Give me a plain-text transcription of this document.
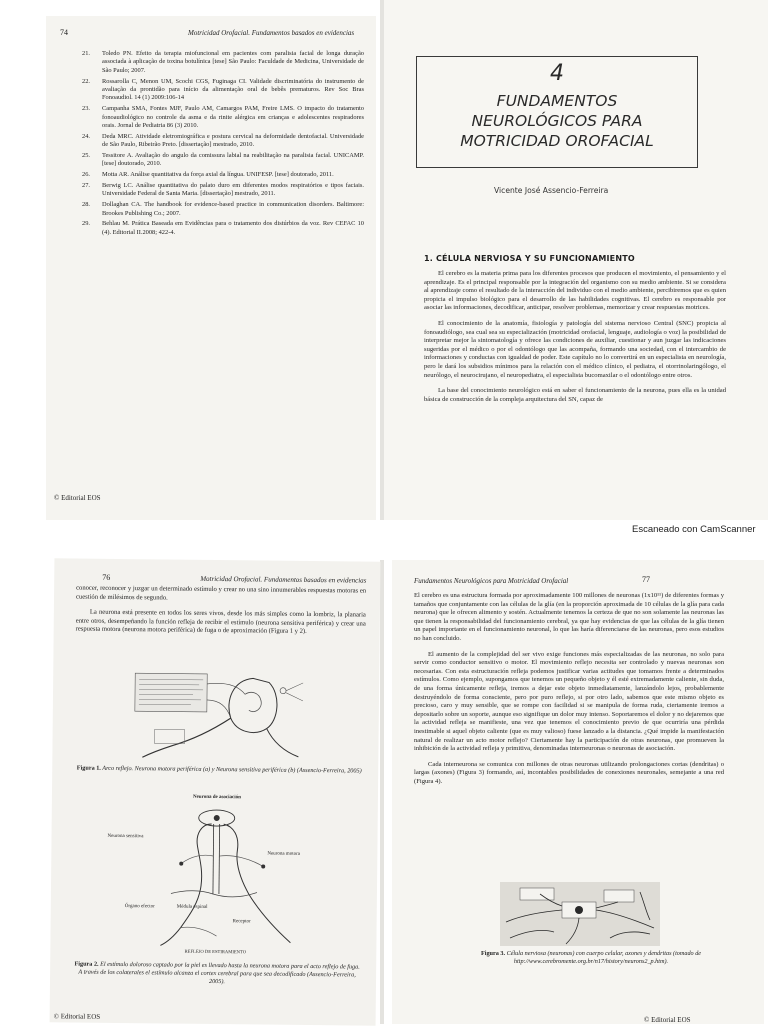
74	Motricidad Orofacial. Fundamentos basados en evidencias
21.	Toledo PN. Efeito da terapia miofuncional em pacientes com paralisia facial de longa duração associada à aplicação de toxina botulínica [tese] São Paulo: Faculdade de Medicina, Universidade de São Paulo; 2007.
22.	Rossarolla C, Menon UM, Scochi CGS, Fuginaga CI. Validade discriminatória do instrumento de avaliação da prontidão para início da alimentação oral de bebês prematuros. Rev Soc Bras Fonoaudiol. 14 (1) 2009:106-14
23.	Campanha SMA, Fontes MJF, Paulo AM, Camargos PAM, Freire LMS. O impacto do tratamento fonoaudiológico no controle da asma e da rinite alérgica em crianças e adolescentes respiradores orais. Jornal de Pediatria 86 (3) 2010.
24.	Deda MRC. Atividade eletromiográfica e postura cervical na deformidade dentofacial. Universidade de São Paulo, Ribeirão Preto. [dissertação] mestrado, 2010.
25.	Tessitore A. Avaliação do angulo da comissura labial na reabilitação na paralisia facial. UNICAMP. [tese] doutorado, 2010.
26.	Motta AR. Análise quantitativa da força axial da língua. UNIFESP. [tese] doutorado, 2011.
27.	Berwig LC. Análise quantitativa do palato duro em diferentes modos respiratórios e tipos faciais. Universidade Federal de Santa Maria. [dissertação] mestrado, 2011.
28.	Dollaghan CA. The handbook for evidence-based practice in communication disorders. Baltimore: Brookes Publishing Co.; 2007.
29.	Behlau M. Prática Baseada em Evidências para o tratamento dos distúrbios da voz. Rev CEFAC 10 (4). Editorial II.2008; 422-4.
© Editorial EOS
4
FUNDAMENTOS
NEUROLÓGICOS PARA
MOTRICIDAD OROFACIAL
Vicente José Assencio-Ferreira
1. CÉLULA NERVIOSA Y SU FUNCIONAMIENTO

El cerebro es la materia prima para los diferentes procesos que producen el movimiento, el pensamiento y el aprendizaje. Es el principal responsable por la integración del organismo con su medio ambiente. Si se considera al aprendizaje como el resultado de la interacción del individuo con el medio ambiente, percibiremos que es quien propicia el impulso biológico para el desarrollo de las habilidades cognitivas. El cerebro es responsable por asociar las informaciones, decodificar, anticipar, resolver problemas, memorizar y crear respuestas motrices.

El conocimiento de la anatomía, fisiología y patología del sistema nervioso Central (SNC) propicia al fonoaudiólogo, sea cual sea su especialización (motricidad orofacial, lenguaje, audiología o voz) la posibilidad de interpretar mejor la sintomatología y ofrece las condiciones de auxiliar, cuestionar y aun juzgar las indicaciones sugeridas por el médico o por el odontólogo que las acompaña, formando una sociedad, con el intercambio de informaciones y conductas con igualdad de poder. Este capítulo no lo convertirá en un especialista en neurología, pero le dará los subsidios mínimos para la relación con el médico clínico, el pediatra, el otorrinolaringólogo, el neurólogo, el neurocirujano, el neuropediatra, el especialista bucomaxilar o el odontólogo entre otros.

La base del conocimiento neurológico está en saber el funcionamiento de la neurona, pues ella es la unidad básica de construcción de la compleja arquitectura del SN, capaz de

Escaneado con CamScanner
76	Motricidad Orofacial. Fundamentos basados en evidencias

conocer, reconocer y juzgar un determinado estímulo y crear no una sino innumerables respuestas motoras en cuestión de milésimos de segundo.

La neurona está presente en todos los seres vivos, desde los más simples como la lombriz, la planaria entre otros, desempeñando la función refleja de recibir el estímulo (neurona sensitiva periférica) y crear una respuesta motora (neurona motora periférica) de fuga o de aproximación (Figura 1 y 2).

Figura 1. Arco reflejo. Neurona motora periférica (a) y Neurona sensitiva periférica (b) (Assencio-Ferreira, 2005)
Neurona de asociación
Neurona sensitiva
Neurona motora
Órgano efector	Médula espinal
Receptor
REFLEJO DE ESTIRAMIENTO
Figura 2. El estímulo doloroso captado por la piel es llevado hasta la neurona motora para el acto reflejo de fuga. A través de los colaterales el estímulo alcanza el cortex cerebral para que sea decodificado (Assencio-Ferreira, 2005).
© Editorial EOS
Fundamentos Neurológicos para Motricidad Orofacial	77

El cerebro es una estructura formada por aproximadamente 100 millones de neuronas (1x10¹¹) de diferentes formas y tamaños que conjuntamente con las células de la glía (en la proporción aproximada de 10 células de la glía para cada neurona) que le ofrecen alimento y sostén. Actualmente tenemos la certeza de que no son solamente las neuronas las que tienen la responsabilidad del funcionamiento cerebral, ya que hay evidencias de que las células de la glía tienen un papel importante en el funcionamiento neuronal, lo que las haría diferenciarse de las neuronas, pero esos estudios no han concluido.

El aumento de la complejidad del ser vivo exige funciones más especializadas de las neuronas, no solo para servir como conductor sensitivo o motor. El movimiento reflejo necesita ser controlado y nuevas neuronas son necesarias. Con esta estructuración refleja podemos justificar varias actitudes que tomamos frente a determinados estímulos. Como ejemplo, supongamos que tenemos un pequeño objeto y él esté extremadamente caliente, sin duda, de una forma únicamente refleja, iremos a dejar este objeto inmediatamente, lanzándolo lejos, probablemente destruyéndolo de forma consciente, pero por puro reflejo, si por otro lado, sabemos que este mismo objeto es precioso, caro y muy sensible, que se rompe con facilidad si se manipula de forma ruda, ciertamente iremos a depositarlo sobre un soporte, aunque eso signifique un dolor muy intenso. Soportaremos el dolor y no dejaremos que la actividad refleja se manifieste, una vez que tenemos el conocimiento previo de que ocurriría una pérdida inestimable si aquel objeto caliente (que es muy valioso) fuese lanzado a la distancia. ¿Qué impide la manifestación natural de realizar un acto motor reflejo? Ciertamente hay la participación de otras neuronas, que promueven la inhibición de la actividad refleja y primitiva, denominadas interneuronas o neuronas de asociación.

Cada interneurona se comunica con millones de otras neuronas utilizando prolongaciones cortas (dendritas) o largas (axones) (Figura 3) formando, así, incontables posibilidades de conexiones neuronales, semejante a una red (Figura 4).

Figura 3. Célula nerviosa (neuronas) con cuerpo celular, axones y dendritas (tomado de http://www.cerebromente.org.br/n17/history/neurons2_p.htm).
© Editorial EOS
